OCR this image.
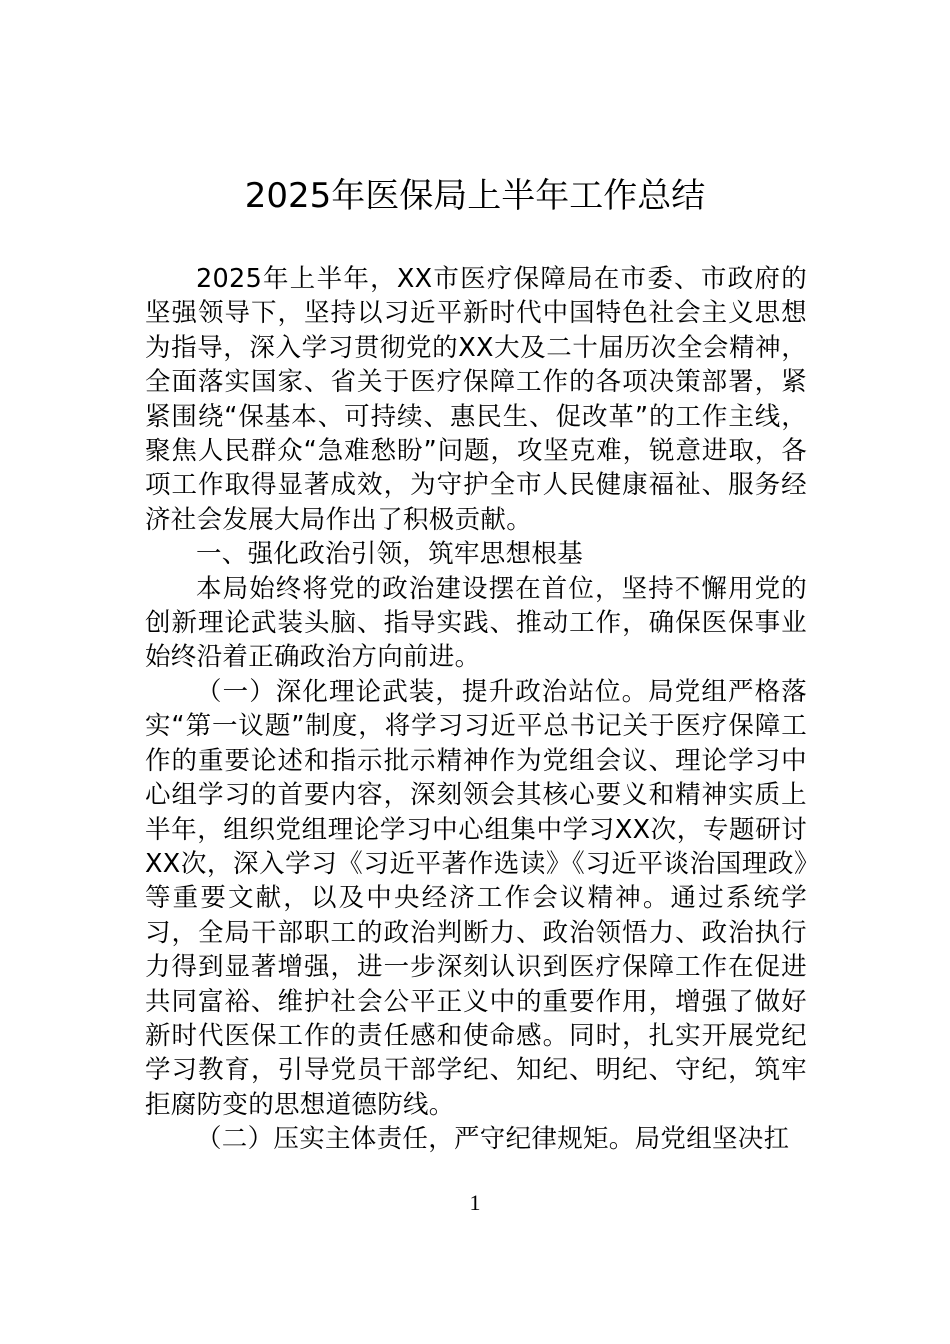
2025年医保局上半年工作总结

2025年上半年，XX市医疗保障局在市委、市政府的坚强领导下，坚持以习近平新时代中国特色社会主义思想为指导，深入学习贯彻党的XX大及二十届历次全会精神，全面落实国家、省关于医疗保障工作的各项决策部署，紧紧围绕“保基本、可持续、惠民生、促改革”的工作主线，聚焦人民群众“急难愁盼”问题，攻坚克难，锐意进取，各项工作取得显著成效，为守护全市人民健康福祉、服务经济社会发展大局作出了积极贡献。

一、强化政治引领，筑牢思想根基

本局始终将党的政治建设摆在首位，坚持不懈用党的创新理论武装头脑、指导实践、推动工作，确保医保事业始终沿着正确政治方向前进。

（一）深化理论武装，提升政治站位。局党组严格落实“第一议题”制度，将学习习近平总书记关于医疗保障工作的重要论述和指示批示精神作为党组会议、理论学习中心组学习的首要内容，深刻领会其核心要义和精神实质上半年，组织党组理论学习中心组集中学习XX次，专题研讨XX次，深入学习《习近平著作选读》《习近平谈治国理政》等重要文献，以及中央经济工作会议精神。通过系统学习，全局干部职工的政治判断力、政治领悟力、政治执行力得到显著增强，进一步深刻认识到医疗保障工作在促进共同富裕、维护社会公平正义中的重要作用，增强了做好新时代医保工作的责任感和使命感。同时，扎实开展党纪学习教育，引导党员干部学纪、知纪、明纪、守纪，筑牢拒腐防变的思想道德防线。

（二）压实主体责任，严守纪律规矩。局党组坚决扛

1
